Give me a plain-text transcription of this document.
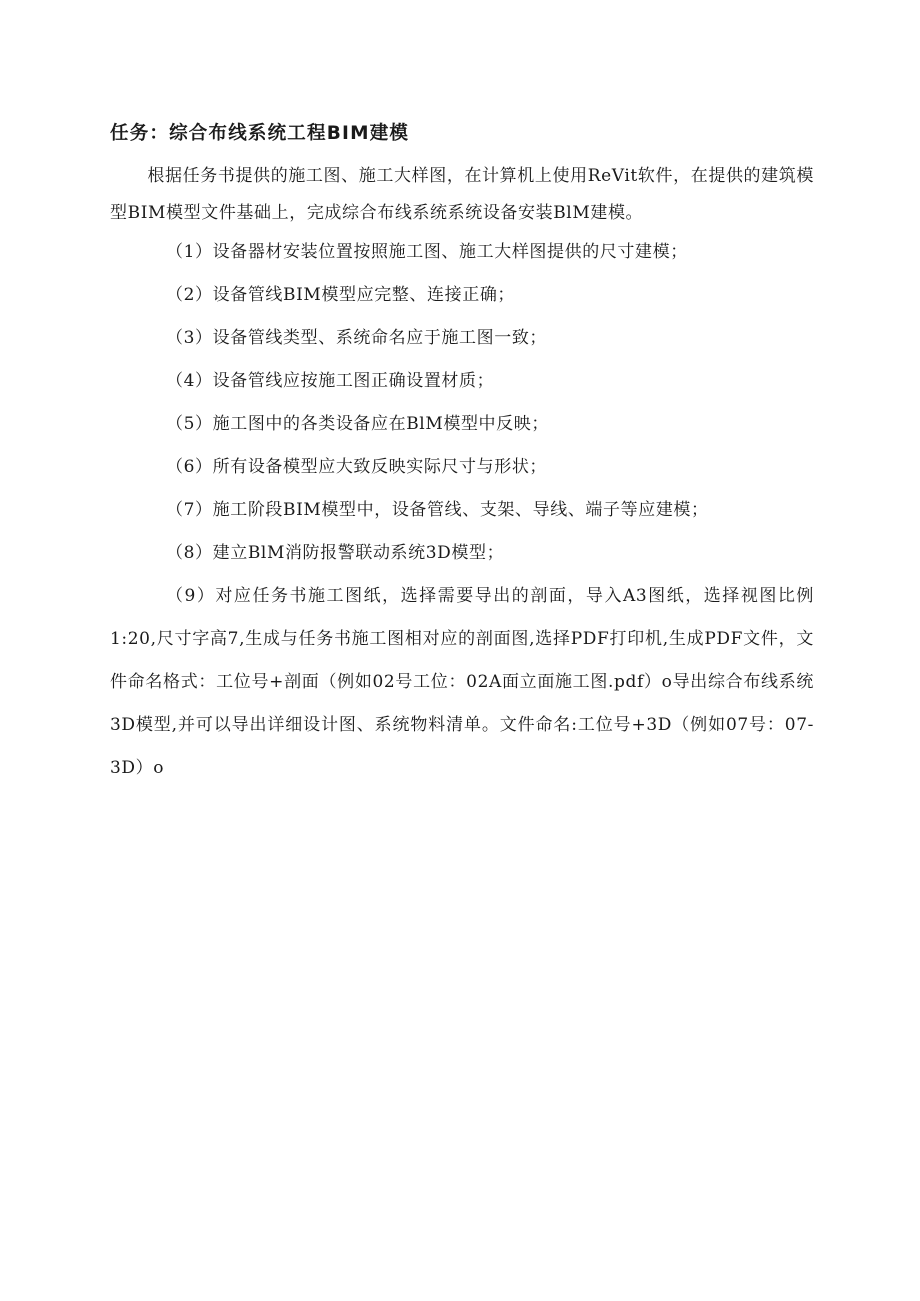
任务：综合布线系统工程BIM建模

根据任务书提供的施工图、施工大样图，在计算机上使用ReVit软件，在提供的建筑模型BIM模型文件基础上，完成综合布线系统系统设备安装BlM建模。

（1）设备器材安装位置按照施工图、施工大样图提供的尺寸建模；

（2）设备管线BIM模型应完整、连接正确；

（3）设备管线类型、系统命名应于施工图一致；

（4）设备管线应按施工图正确设置材质；

（5）施工图中的各类设备应在BlM模型中反映；

（6）所有设备模型应大致反映实际尺寸与形状；

（7）施工阶段BIM模型中，设备管线、支架、导线、端子等应建模；

（8）建立BlM消防报警联动系统3D模型；

（9）对应任务书施工图纸，选择需要导出的剖面，导入A3图纸，选择视图比例1:20,尺寸字高7,生成与任务书施工图相对应的剖面图,选择PDF打印机,生成PDF文件，文件命名格式：工位号+剖面（例如02号工位：02A面立面施工图.pdf）o导出综合布线系统3D模型,并可以导出详细设计图、系统物料清单。文件命名:工位号+3D（例如07号：07-3D）o
